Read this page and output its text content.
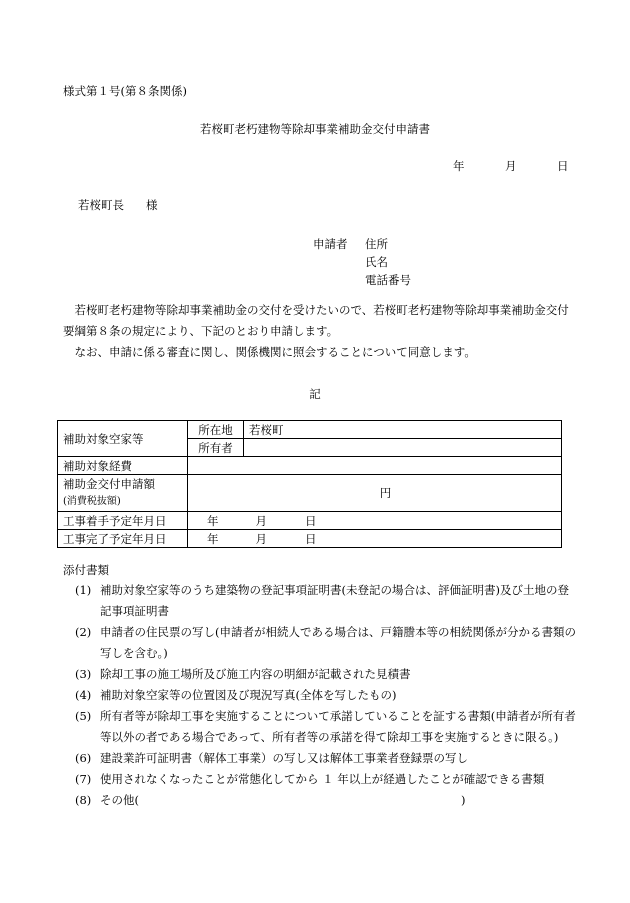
様式第１号(第８条関係)
若桜町老朽建物等除却事業補助金交付申請書
年	月	日
若桜町長 様
申請者 住所
氏名
電話番号

若桜町老朽建物等除却事業補助金の交付を受けたいので、若桜町老朽建物等除却事業補助金交付要綱第８条の規定により、下記のとおり申請します。

なお、申請に係る審査に関し、関係機関に照会することについて同意します。

記
補助対象空家等	所在地	若桜町
	所有者	
補助対象経費		

補助金交付申請額
(消費税抜額)	円	
工事着手予定年月日	年 月 日	
工事完了予定年月日	年 月 日	
添付書類
(1) 補助対象空家等のうち建築物の登記事項証明書(未登記の場合は、評価証明書)及び土地の登記事項証明書
(2) 申請者の住民票の写し(申請者が相続人である場合は、戸籍謄本等の相続関係が分かる書類の写しを含む。)
(3) 除却工事の施工場所及び施工内容の明細が記載された見積書
(4) 補助対象空家等の位置図及び現況写真(全体を写したもの)
(5) 所有者等が除却工事を実施することについて承諾していることを証する書類(申請者が所有者等以外の者である場合であって、所有者等の承諾を得て除却工事を実施するときに限る。)
(6) 建設業許可証明書（解体工事業）の写し又は解体工事業者登録票の写し
(7) 使用されなくなったことが常態化してから １ 年以上が経過したことが確認できる書類
(8) その他(　　　　　　　　　　　　　　　　　　　　　　　　　　　　)
